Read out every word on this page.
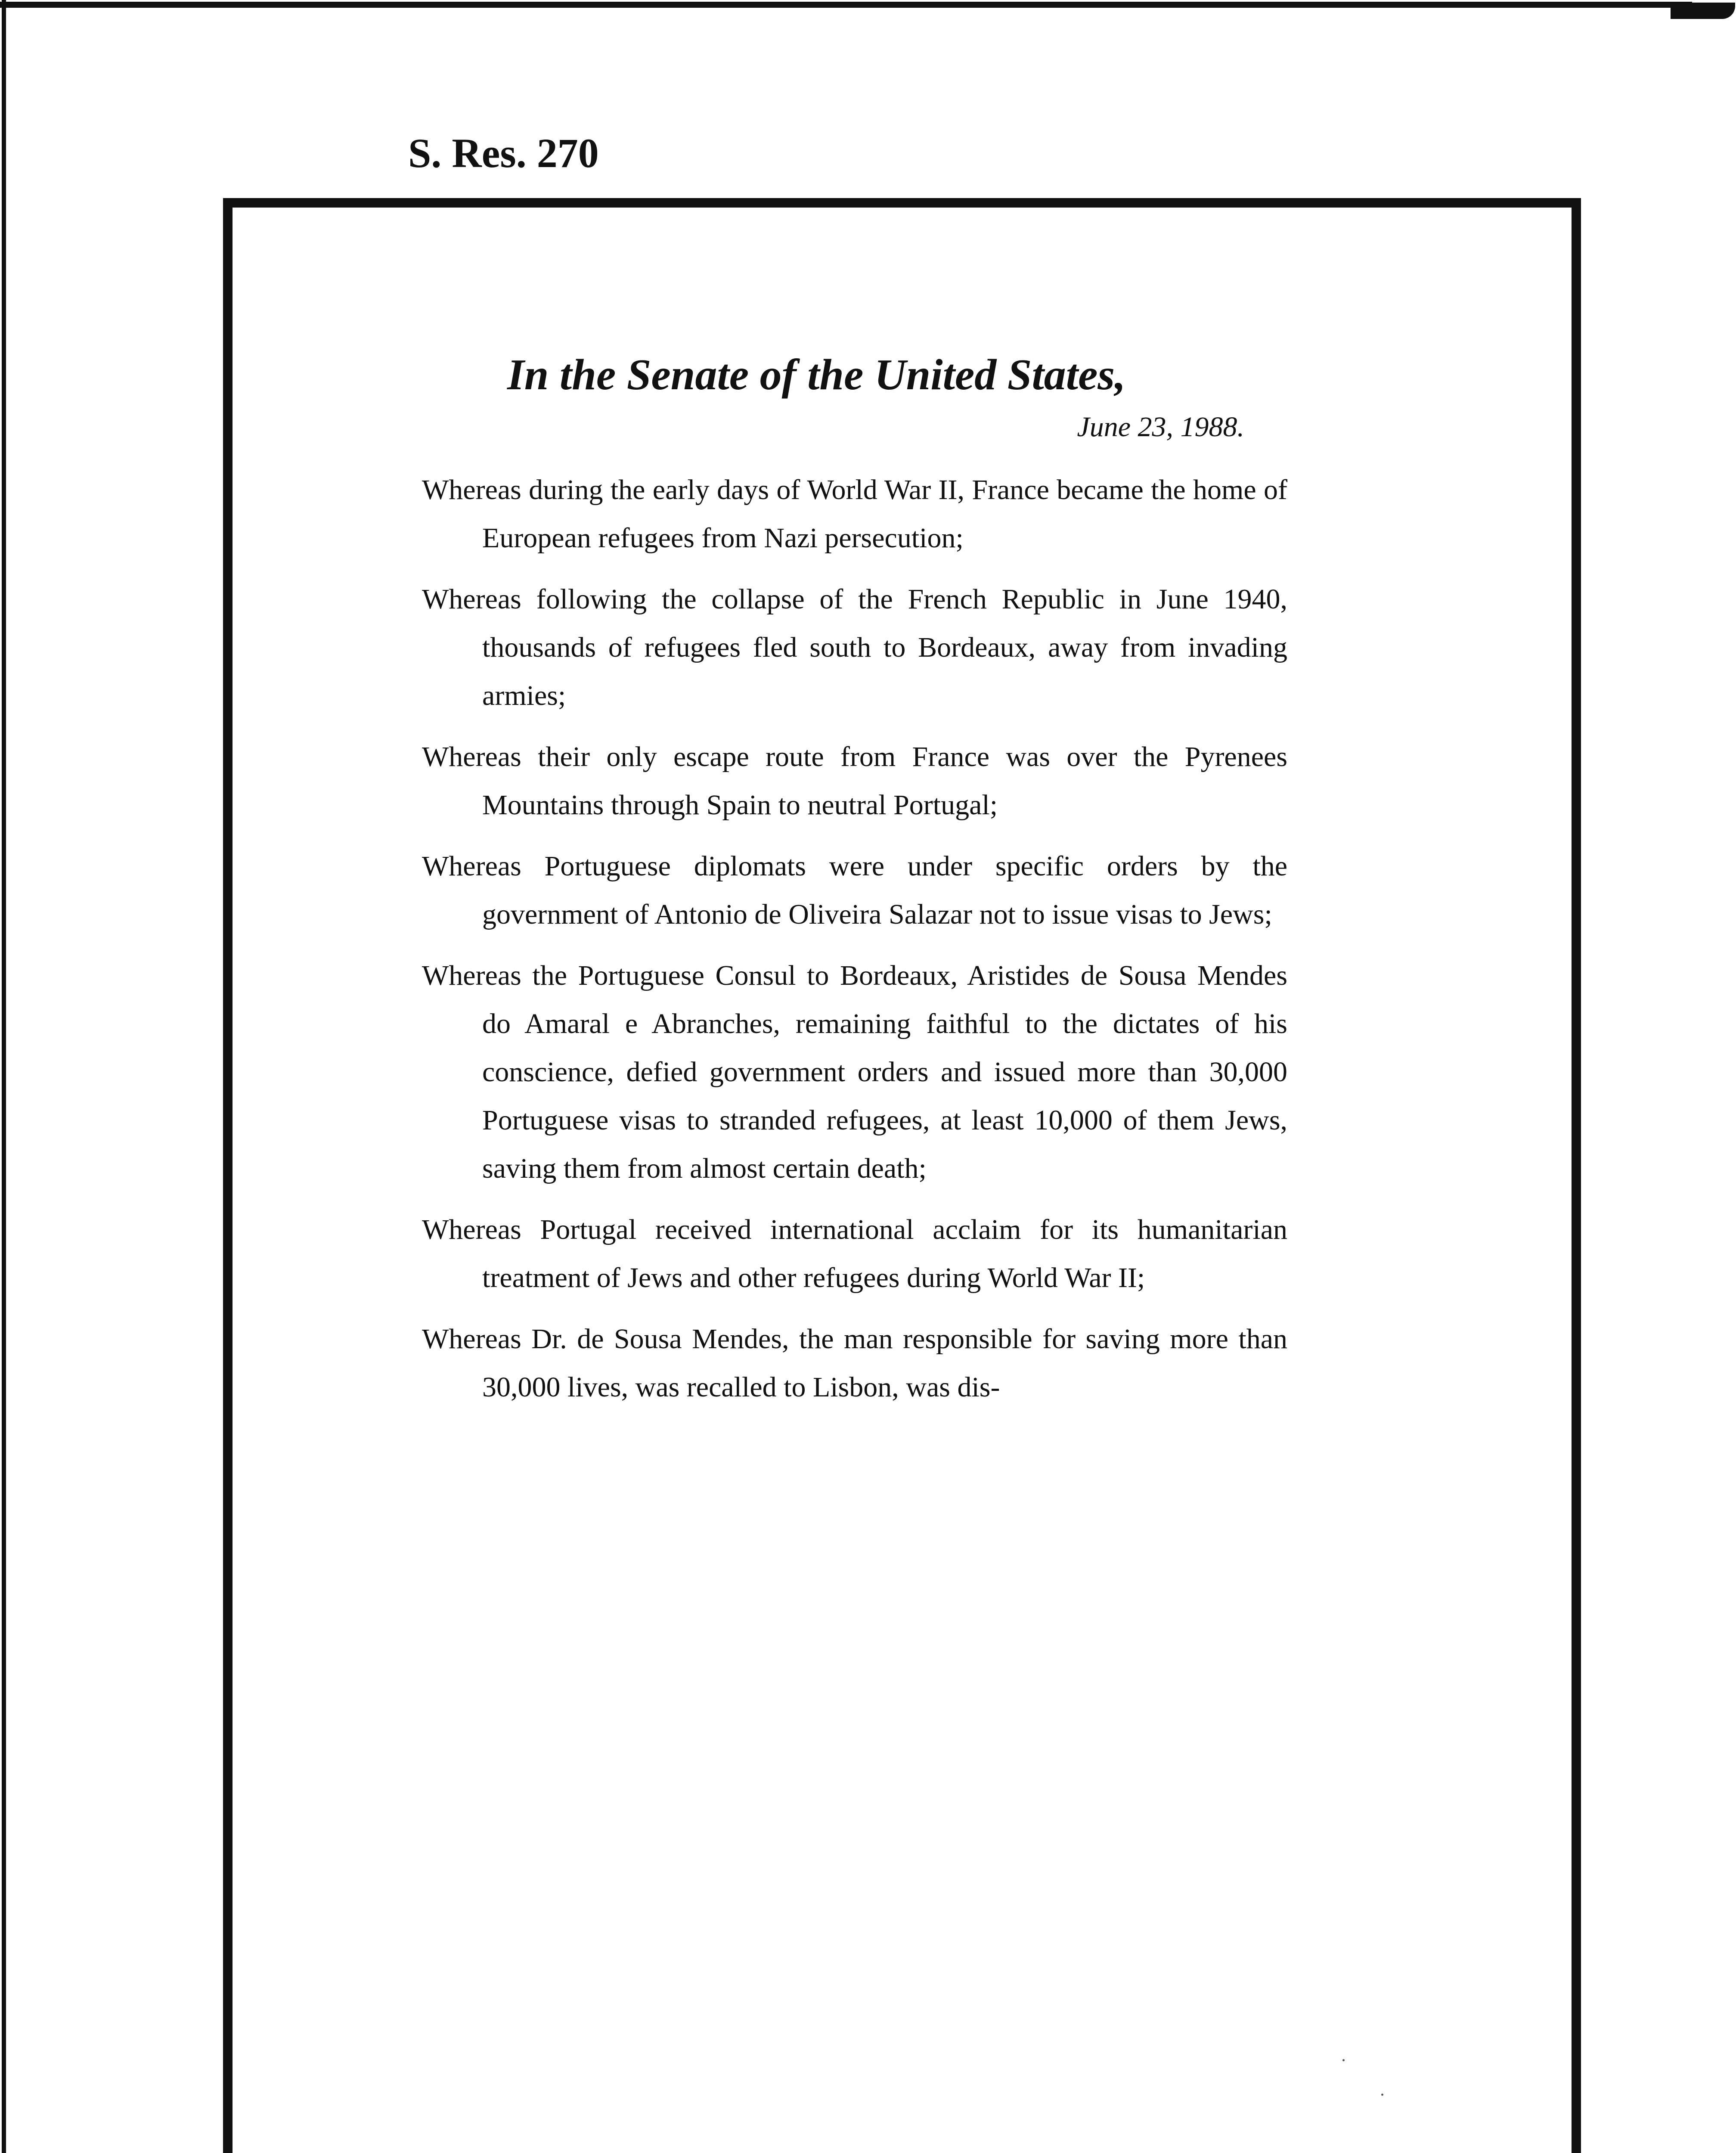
S. Res. 270
In the Senate of the United States,
June 23, 1988.

Whereas during the early days of World War II, France became the home of European refugees from Nazi persecution;

Whereas following the collapse of the French Republic in June 1940, thousands of refugees fled south to Bordeaux, away from invading armies;

Whereas their only escape route from France was over the Pyrenees Mountains through Spain to neutral Portugal;

Whereas Portuguese diplomats were under specific orders by the government of Antonio de Oliveira Salazar not to issue visas to Jews;

Whereas the Portuguese Consul to Bordeaux, Aristides de Sousa Mendes do Amaral e Abranches, remaining faithful to the dictates of his conscience, defied government orders and issued more than 30,000 Portuguese visas to stranded refugees, at least 10,000 of them Jews, saving them from almost certain death;

Whereas Portugal received international acclaim for its humanitarian treatment of Jews and other refugees during World War II;

Whereas Dr. de Sousa Mendes, the man responsible for saving more than 30,000 lives, was recalled to Lisbon, was dis-
